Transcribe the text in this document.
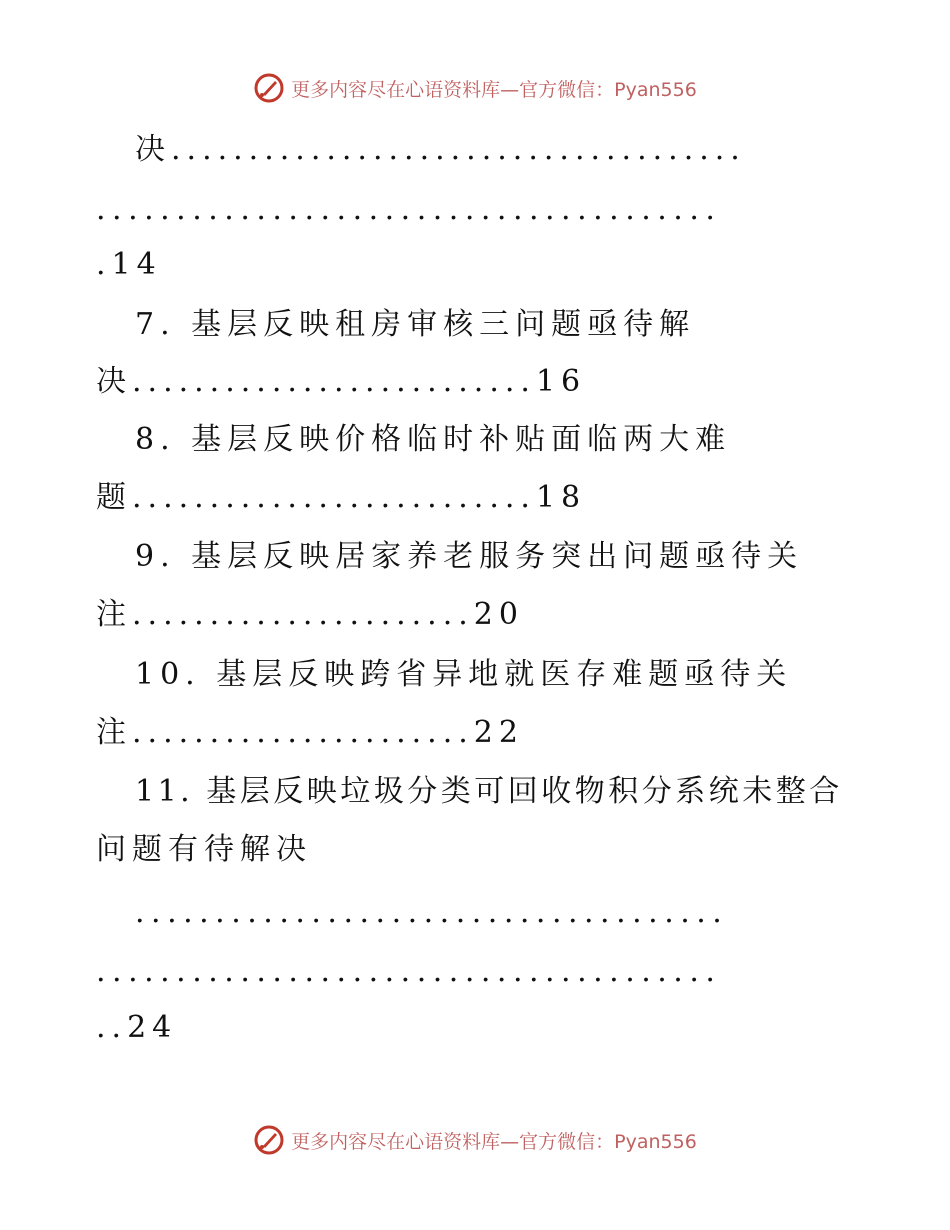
更多内容尽在心语资料库—官方微信：Pyan556
决.....................................
.......................................
.14
7. 基层反映租房审核三问题亟待解
决..........................16
8. 基层反映价格临时补贴面临两大难
题..........................18
9. 基层反映居家养老服务突出问题亟待关
注......................20
10. 基层反映跨省异地就医存难题亟待关
注......................22
11. 基层反映垃圾分类可回收物积分系统未整合
问题有待解决
.....................................
.......................................
..24
更多内容尽在心语资料库—官方微信：Pyan556
